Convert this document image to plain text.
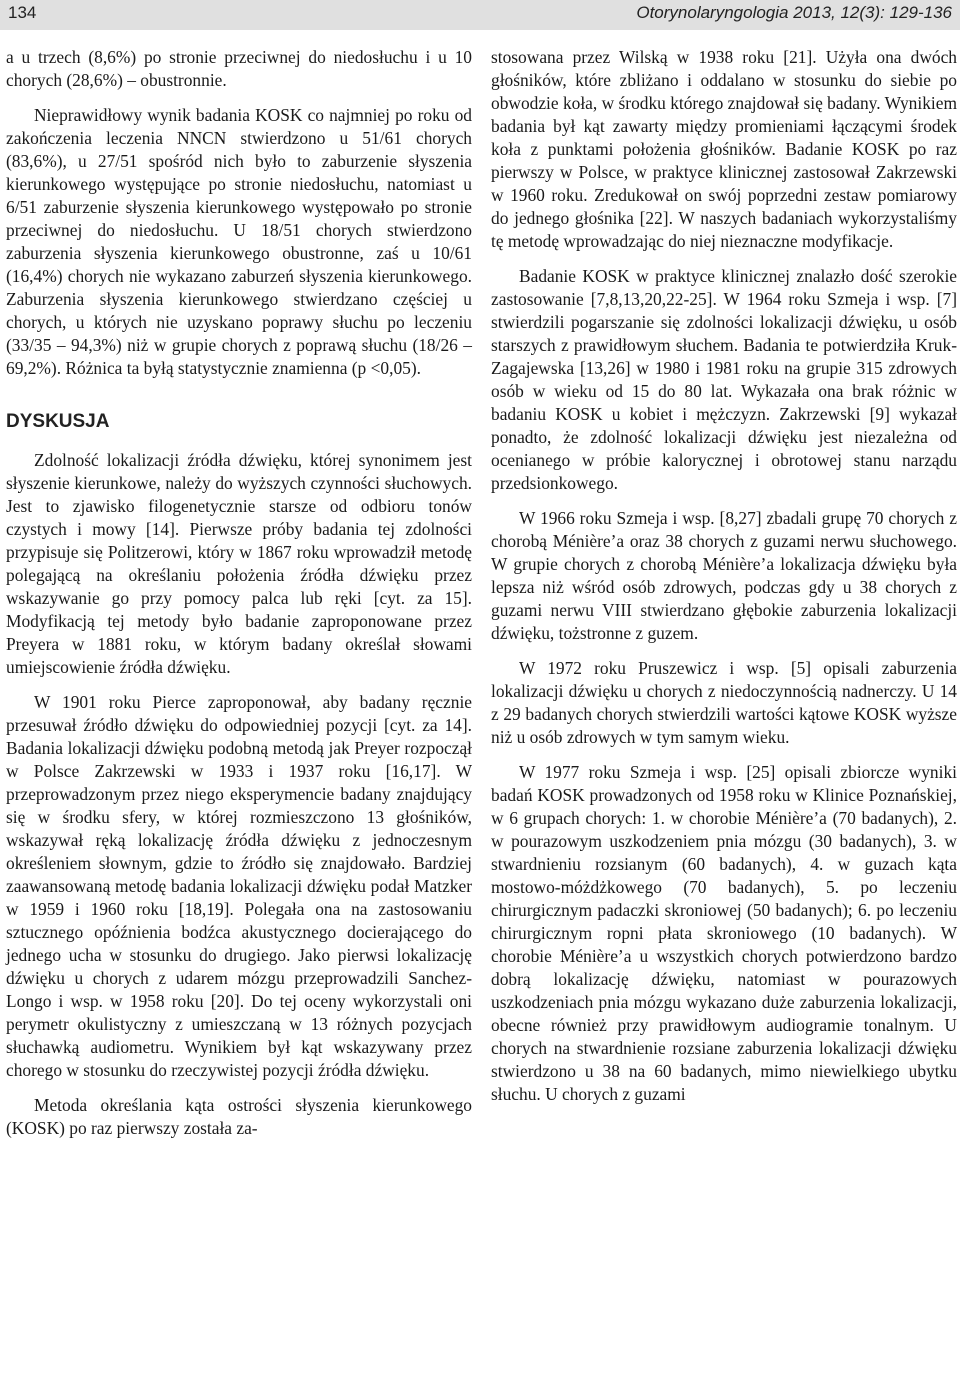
134	Otorynolaryngologia 2013, 12(3): 129-136

a u trzech (8,6%) po stronie przeciwnej do niedosłuchu i u 10 chorych (28,6%) – obustronnie.

Nieprawidłowy wynik badania KOSK co najmniej po roku od zakończenia leczenia NNCN stwierdzono u 51/61 chorych (83,6%), u 27/51 spośród nich było to zaburzenie słyszenia kierunkowego występujące po stronie niedosłuchu, natomiast u 6/51 zaburzenie słyszenia kierunkowego występowało po stronie przeciwnej do niedosłuchu. U 18/51 chorych stwierdzono zaburzenia słyszenia kierunkowego obustronne, zaś u 10/61 (16,4%) chorych nie wykazano zaburzeń słyszenia kierunkowego. Zaburzenia słyszenia kierunkowego stwierdzano częściej u chorych, u których nie uzyskano poprawy słuchu po leczeniu (33/35 – 94,3%) niż w grupie chorych z poprawą słuchu (18/26 – 69,2%). Różnica ta byłą statystycznie znamienna (p <0,05).

DYSKUSJA

Zdolność lokalizacji źródła dźwięku, której synonimem jest słyszenie kierunkowe, należy do wyższych czynności słuchowych. Jest to zjawisko filogenetycznie starsze od odbioru tonów czystych i mowy [14]. Pierwsze próby badania tej zdolności przypisuje się Politzerowi, który w 1867 roku wprowadził metodę polegającą na określaniu położenia źródła dźwięku przez wskazywanie go przy pomocy palca lub ręki [cyt. za 15]. Modyfikacją tej metody było badanie zaproponowane przez Preyera w 1881 roku, w którym badany określał słowami umiejscowienie źródła dźwięku.

W 1901 roku Pierce zaproponował, aby badany ręcznie przesuwał źródło dźwięku do odpowiedniej pozycji [cyt. za 14]. Badania lokalizacji dźwięku podobną metodą jak Preyer rozpoczął w Polsce Zakrzewski w 1933 i 1937 roku [16,17]. W przeprowadzonym przez niego eksperymencie badany znajdujący się w środku sfery, w której rozmieszczono 13 głośników, wskazywał ręką lokalizację źródła dźwięku z jednoczesnym określeniem słownym, gdzie to źródło się znajdowało. Bardziej zaawansowaną metodę badania lokalizacji dźwięku podał Matzker w 1959 i 1960 roku [18,19]. Polegała ona na zastosowaniu sztucznego opóźnienia bodźca akustycznego docierającego do jednego ucha w stosunku do drugiego. Jako pierwsi lokalizację dźwięku u chorych z udarem mózgu przeprowadzili Sanchez-Longo i wsp. w 1958 roku [20]. Do tej oceny wykorzystali oni perymetr okulistyczny z umieszczaną w 13 różnych pozycjach słuchawką audiometru. Wynikiem był kąt wskazywany przez chorego w stosunku do rzeczywistej pozycji źródła dźwięku.

Metoda określania kąta ostrości słyszenia kierunkowego (KOSK) po raz pierwszy została za-

stosowana przez Wilską w 1938 roku [21]. Użyła ona dwóch głośników, które zbliżano i oddalano w stosunku do siebie po obwodzie koła, w środku którego znajdował się badany. Wynikiem badania był kąt zawarty między promieniami łączącymi środek koła z punktami położenia głośników. Badanie KOSK po raz pierwszy w Polsce, w praktyce klinicznej zastosował Zakrzewski w 1960 roku. Zredukował on swój poprzedni zestaw pomiarowy do jednego głośnika [22]. W naszych badaniach wykorzystaliśmy tę metodę wprowadzając do niej nieznaczne modyfikacje.

Badanie KOSK w praktyce klinicznej znalazło dość szerokie zastosowanie [7,8,13,20,22-25]. W 1964 roku Szmeja i wsp. [7] stwierdzili pogarszanie się zdolności lokalizacji dźwięku, u osób starszych z prawidłowym słuchem. Badania te potwierdziła Kruk-Zagajewska [13,26] w 1980 i 1981 roku na grupie 315 zdrowych osób w wieku od 15 do 80 lat. Wykazała ona brak różnic w badaniu KOSK u kobiet i mężczyzn. Zakrzewski [9] wykazał ponadto, że zdolność lokalizacji dźwięku jest niezależna od ocenianego w próbie kalorycznej i obrotowej stanu narządu przedsionkowego.

W 1966 roku Szmeja i wsp. [8,27] zbadali grupę 70 chorych z chorobą Ménière’a oraz 38 chorych z guzami nerwu słuchowego. W grupie chorych z chorobą Ménière’a lokalizacja dźwięku była lepsza niż wśród osób zdrowych, podczas gdy u 38 chorych z guzami nerwu VIII stwierdzano głębokie zaburzenia lokalizacji dźwięku, tożstronne z guzem.

W 1972 roku Pruszewicz i wsp. [5] opisali zaburzenia lokalizacji dźwięku u chorych z niedoczynnością nadnerczy. U 14 z 29 badanych chorych stwierdzili wartości kątowe KOSK wyższe niż u osób zdrowych w tym samym wieku.

W 1977 roku Szmeja i wsp. [25] opisali zbiorcze wyniki badań KOSK prowadzonych od 1958 roku w Klinice Poznańskiej, w 6 grupach chorych: 1. w chorobie Ménière’a (70 badanych), 2. w pourazowym uszkodzeniem pnia mózgu (30 badanych), 3. w stwardnieniu rozsianym (60 badanych), 4. w guzach kąta mostowo-móżdżkowego (70 badanych), 5. po leczeniu chirurgicznym padaczki skroniowej (50 badanych); 6. po leczeniu chirurgicznym ropni płata skroniowego (10 badanych). W chorobie Ménière’a u wszystkich chorych potwierdzono bardzo dobrą lokalizację dźwięku, natomiast w pourazowych uszkodzeniach pnia mózgu wykazano duże zaburzenia lokalizacji, obecne również przy prawidłowym audiogramie tonalnym. U chorych na stwardnienie rozsiane zaburzenia lokalizacji dźwięku stwierdzono u 38 na 60 badanych, mimo niewielkiego ubytku słuchu. U chorych z guzami
